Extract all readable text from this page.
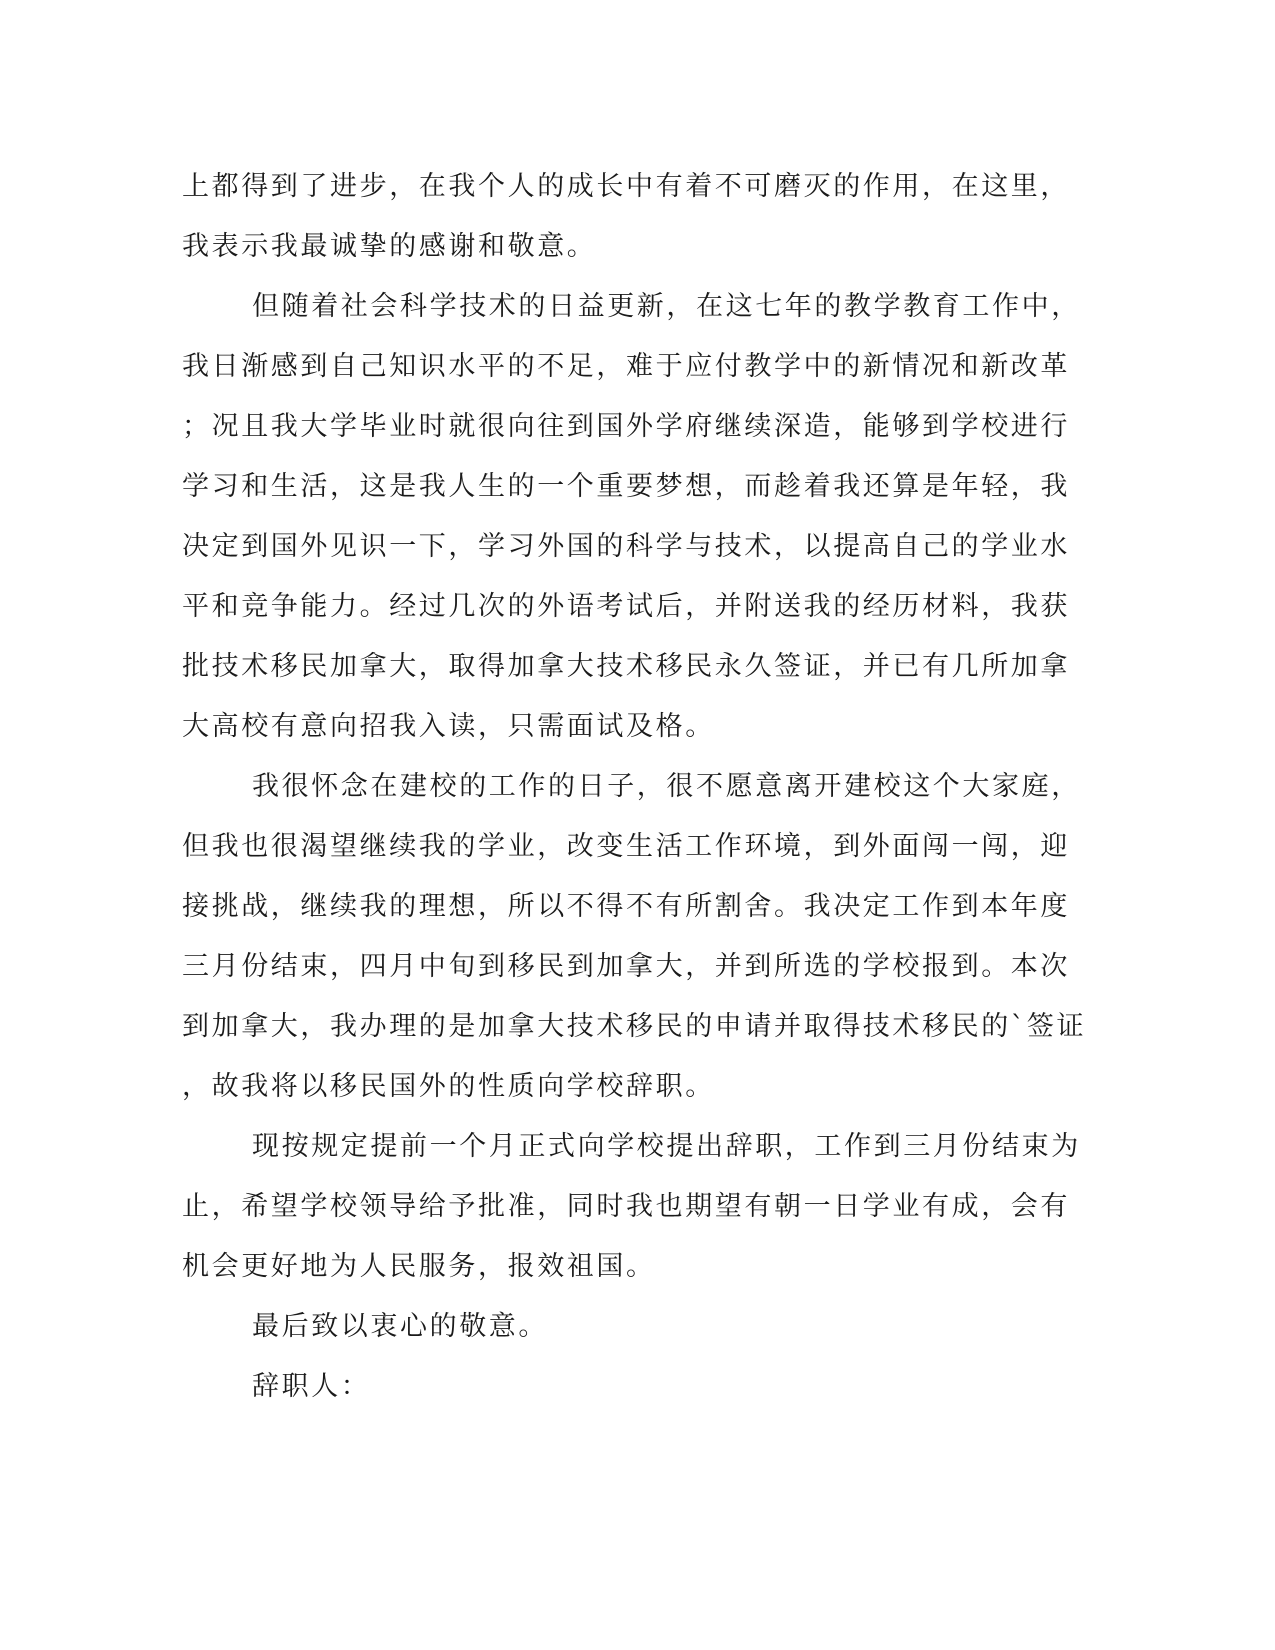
上都得到了进步，在我个人的成长中有着不可磨灭的作用，在这里，
我表示我最诚挚的感谢和敬意。
但随着社会科学技术的日益更新，在这七年的教学教育工作中，
我日渐感到自己知识水平的不足，难于应付教学中的新情况和新改革
；况且我大学毕业时就很向往到国外学府继续深造，能够到学校进行
学习和生活，这是我人生的一个重要梦想，而趁着我还算是年轻，我
决定到国外见识一下，学习外国的科学与技术，以提高自己的学业水
平和竞争能力。经过几次的外语考试后，并附送我的经历材料，我获
批技术移民加拿大，取得加拿大技术移民永久签证，并已有几所加拿
大高校有意向招我入读，只需面试及格。
我很怀念在建校的工作的日子，很不愿意离开建校这个大家庭，
但我也很渴望继续我的学业，改变生活工作环境，到外面闯一闯，迎
接挑战，继续我的理想，所以不得不有所割舍。我决定工作到本年度
三月份结束，四月中旬到移民到加拿大，并到所选的学校报到。本次
到加拿大，我办理的是加拿大技术移民的申请并取得技术移民的`签证
，故我将以移民国外的性质向学校辞职。
现按规定提前一个月正式向学校提出辞职，工作到三月份结束为
止，希望学校领导给予批准，同时我也期望有朝一日学业有成，会有
机会更好地为人民服务，报效祖国。
最后致以衷心的敬意。
辞职人：
